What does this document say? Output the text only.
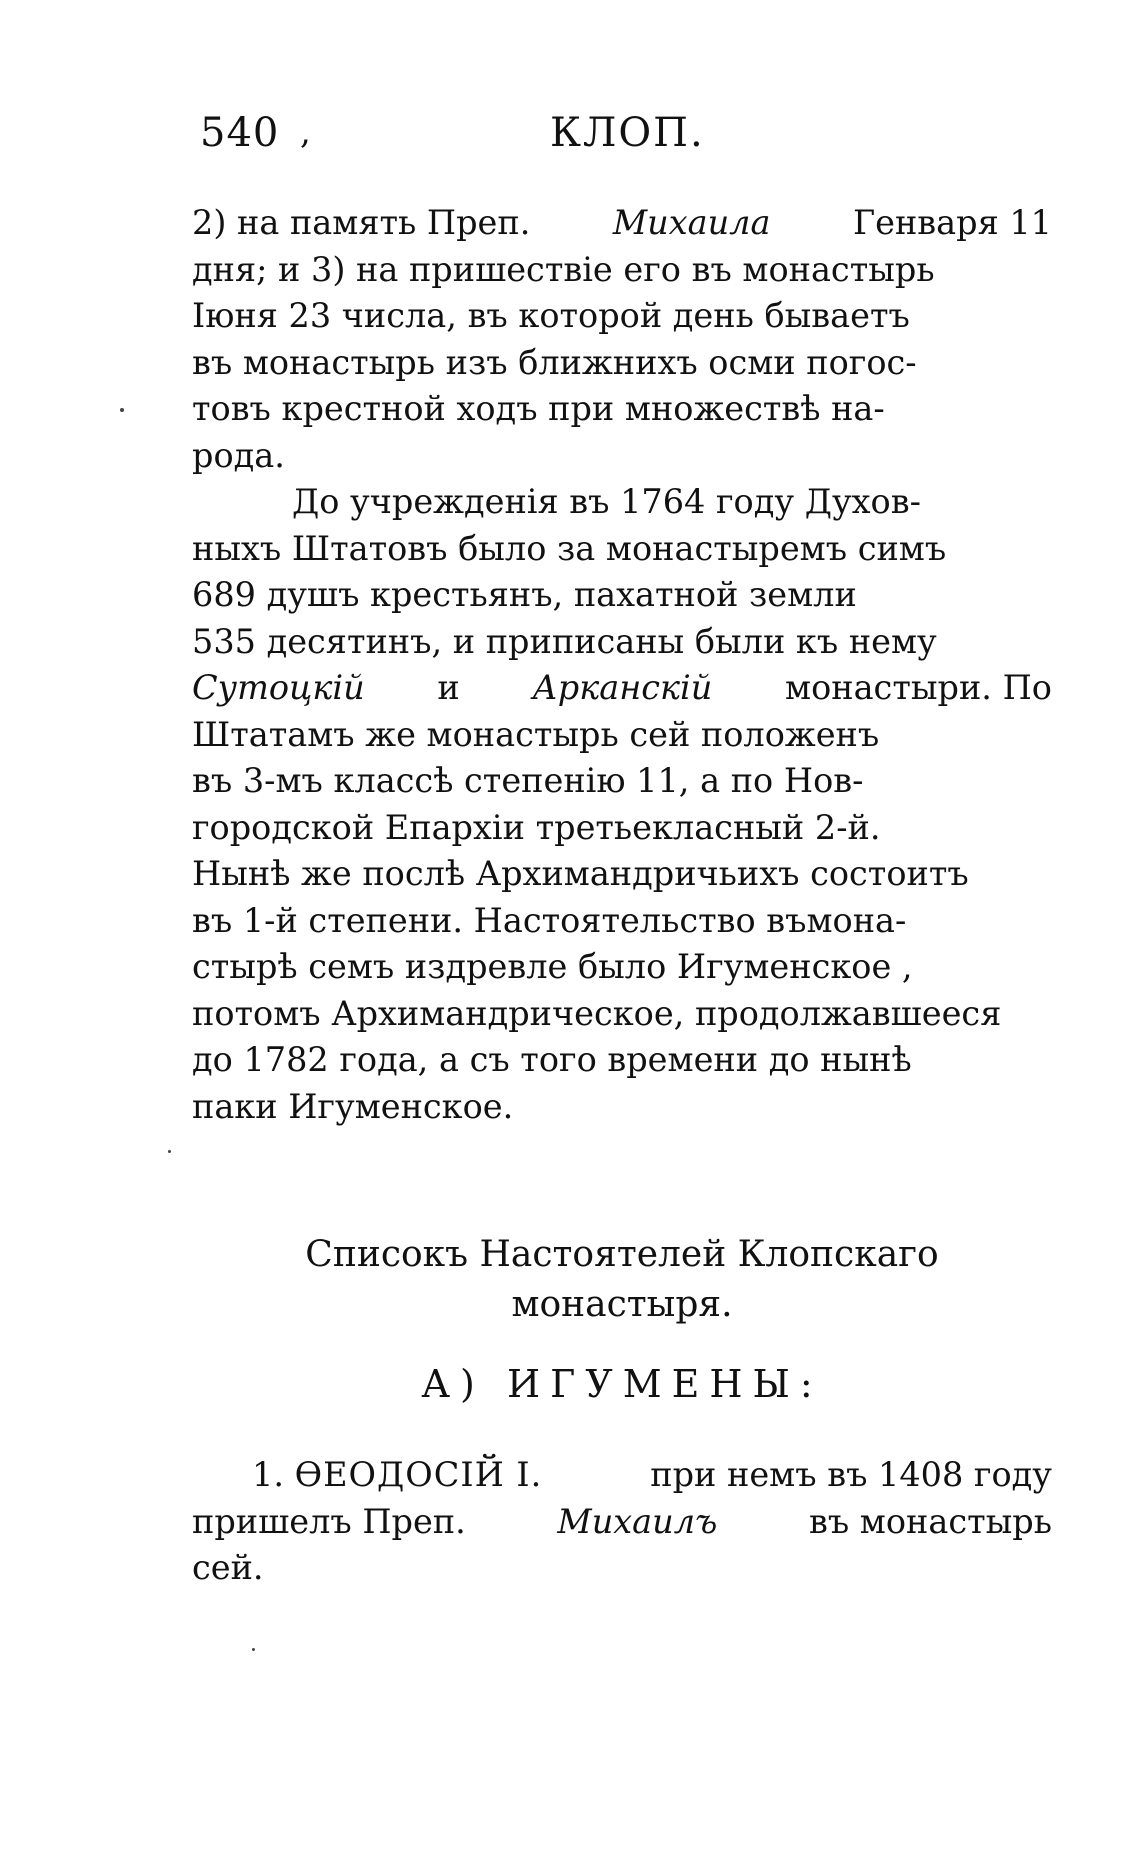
540 ,	КЛОП.
2) на память Преп. Михаила Генваря 11
дня; и 3) на пришествіе его въ монастырь
Іюня 23 числа, въ которой день бываетъ
въ монастырь изъ ближнихъ осми погос-
товъ крестной ходъ при множествѣ на-
рода.
До учрежденія въ 1764 году Духов-
ныхъ Штатовъ было за монастыремъ симъ
689 душъ крестьянъ, пахатной земли
535 десятинъ, и приписаны были къ нему
Сутоцкій и Арканскій монастыри. По
Штатамъ же монастырь сей положенъ
въ 3-мъ классѣ степенію 11, а по Нов-
городской Епархіи третьекласный 2-й.
Нынѣ же послѣ Архимандричьихъ состоитъ
въ 1-й степени. Настоятельство въмона-
стырѣ семъ издревле было Игуменское ,
потомъ Архимандрическое, продолжавшееся
до 1782 года, а съ того времени до нынѣ
паки Игуменское.
Списокъ Настоятелей Клопскаго
монастыря.
А) ИГУМЕНЫ:
1. ѲЕОДОСІЙ I.	при немъ въ 1408 году
пришелъ Преп.	Михаилъ	въ монастырь
сей.
